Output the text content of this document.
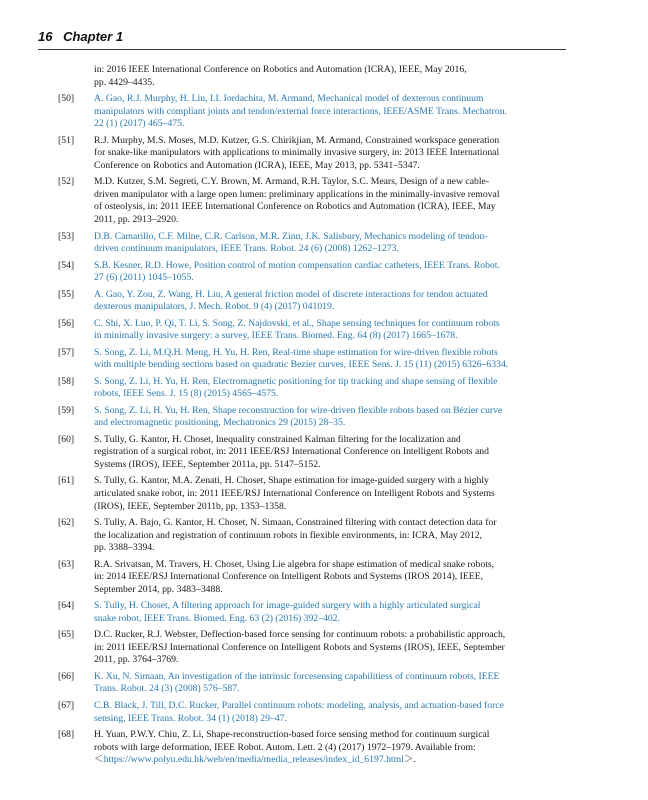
16 Chapter 1
in: 2016 IEEE International Conference on Robotics and Automation (ICRA), IEEE, May 2016,
pp. 4429–4435.
[50] A. Gao, R.J. Murphy, H. Liu, I.I. Iordachita, M. Armand, Mechanical model of dexterous continuum
manipulators with compliant joints and tendon/external force interactions, IEEE/ASME Trans. Mechatron.
22 (1) (2017) 465–475.
[51] R.J. Murphy, M.S. Moses, M.D. Kutzer, G.S. Chirikjian, M. Armand, Constrained workspace generation
for snake-like manipulators with applications to minimally invasive surgery, in: 2013 IEEE International
Conference on Robotics and Automation (ICRA), IEEE, May 2013, pp. 5341–5347.
[52] M.D. Kutzer, S.M. Segreti, C.Y. Brown, M. Armand, R.H. Taylor, S.C. Mears, Design of a new cable-
driven manipulator with a large open lumen: preliminary applications in the minimally-invasive removal
of osteolysis, in: 2011 IEEE International Conference on Robotics and Automation (ICRA), IEEE, May
2011, pp. 2913–2920.
[53] D.B. Camarillo, C.F. Milne, C.R. Carlson, M.R. Zinn, J.K. Salisbury, Mechanics modeling of tendon-
driven continuum manipulators, IEEE Trans. Robot. 24 (6) (2008) 1262–1273.
[54] S.B. Kesner, R.D. Howe, Position control of motion compensation cardiac catheters, IEEE Trans. Robot.
27 (6) (2011) 1045–1055.
[55] A. Gao, Y. Zou, Z. Wang, H. Liu, A general friction model of discrete interactions for tendon actuated
dexterous manipulators, J. Mech. Robot. 9 (4) (2017) 041019.
[56] C. Shi, X. Luo, P. Qi, T. Li, S. Song, Z. Najdovski, et al., Shape sensing techniques for continuum robots
in minimally invasive surgery: a survey, IEEE Trans. Biomed. Eng. 64 (8) (2017) 1665–1678.
[57] S. Song, Z. Li, M.Q.H. Meng, H. Yu, H. Ren, Real-time shape estimation for wire-driven flexible robots
with multiple bending sections based on quadratic Bezier curves, IEEE Sens. J. 15 (11) (2015) 6326–6334.
[58] S. Song, Z. Li, H. Yu, H. Ren, Electromagnetic positioning for tip tracking and shape sensing of flexible
robots, IEEE Sens. J. 15 (8) (2015) 4565–4575.
[59] S. Song, Z. Li, H. Yu, H. Ren, Shape reconstruction for wire-driven flexible robots based on Bézier curve
and electromagnetic positioning, Mechatronics 29 (2015) 28–35.
[60] S. Tully, G. Kantor, H. Choset, Inequality constrained Kalman filtering for the localization and
registration of a surgical robot, in: 2011 IEEE/RSJ International Conference on Intelligent Robots and
Systems (IROS), IEEE, September 2011a, pp. 5147–5152.
[61] S. Tully, G. Kantor, M.A. Zenati, H. Choset, Shape estimation for image-guided surgery with a highly
articulated snake robot, in: 2011 IEEE/RSJ International Conference on Intelligent Robots and Systems
(IROS), IEEE, September 2011b, pp. 1353–1358.
[62] S. Tully, A. Bajo, G. Kantor, H. Choset, N. Simaan, Constrained filtering with contact detection data for
the localization and registration of continuum robots in flexible environments, in: ICRA, May 2012,
pp. 3388–3394.
[63] R.A. Srivatsan, M. Travers, H. Choset, Using Lie algebra for shape estimation of medical snake robots,
in: 2014 IEEE/RSJ International Conference on Intelligent Robots and Systems (IROS 2014), IEEE,
September 2014, pp. 3483–3488.
[64] S. Tully, H. Choset, A filtering approach for image-guided surgery with a highly articulated surgical
snake robot, IEEE Trans. Biomed. Eng. 63 (2) (2016) 392–402.
[65] D.C. Rucker, R.J. Webster, Deflection-based force sensing for continuum robots: a probabilistic approach,
in: 2011 IEEE/RSJ International Conference on Intelligent Robots and Systems (IROS), IEEE, September
2011, pp. 3764–3769.
[66] K. Xu, N. Simaan, An investigation of the intrinsic forcesensing capabilitiess of continuum robots, IEEE
Trans. Robot. 24 (3) (2008) 576–587.
[67] C.B. Black, J. Till, D.C. Rucker, Parallel continuum robots: modeling, analysis, and actuation-based force
sensing, IEEE Trans. Robot. 34 (1) (2018) 29–47.
[68] H. Yuan, P.W.Y. Chiu, Z. Li, Shape-reconstruction-based force sensing method for continuum surgical
robots with large deformation, IEEE Robot. Autom. Lett. 2 (4) (2017) 1972–1979. Available from:
＜https://www.polyu.edu.hk/web/en/media/media_releases/index_id_6197.html＞.
